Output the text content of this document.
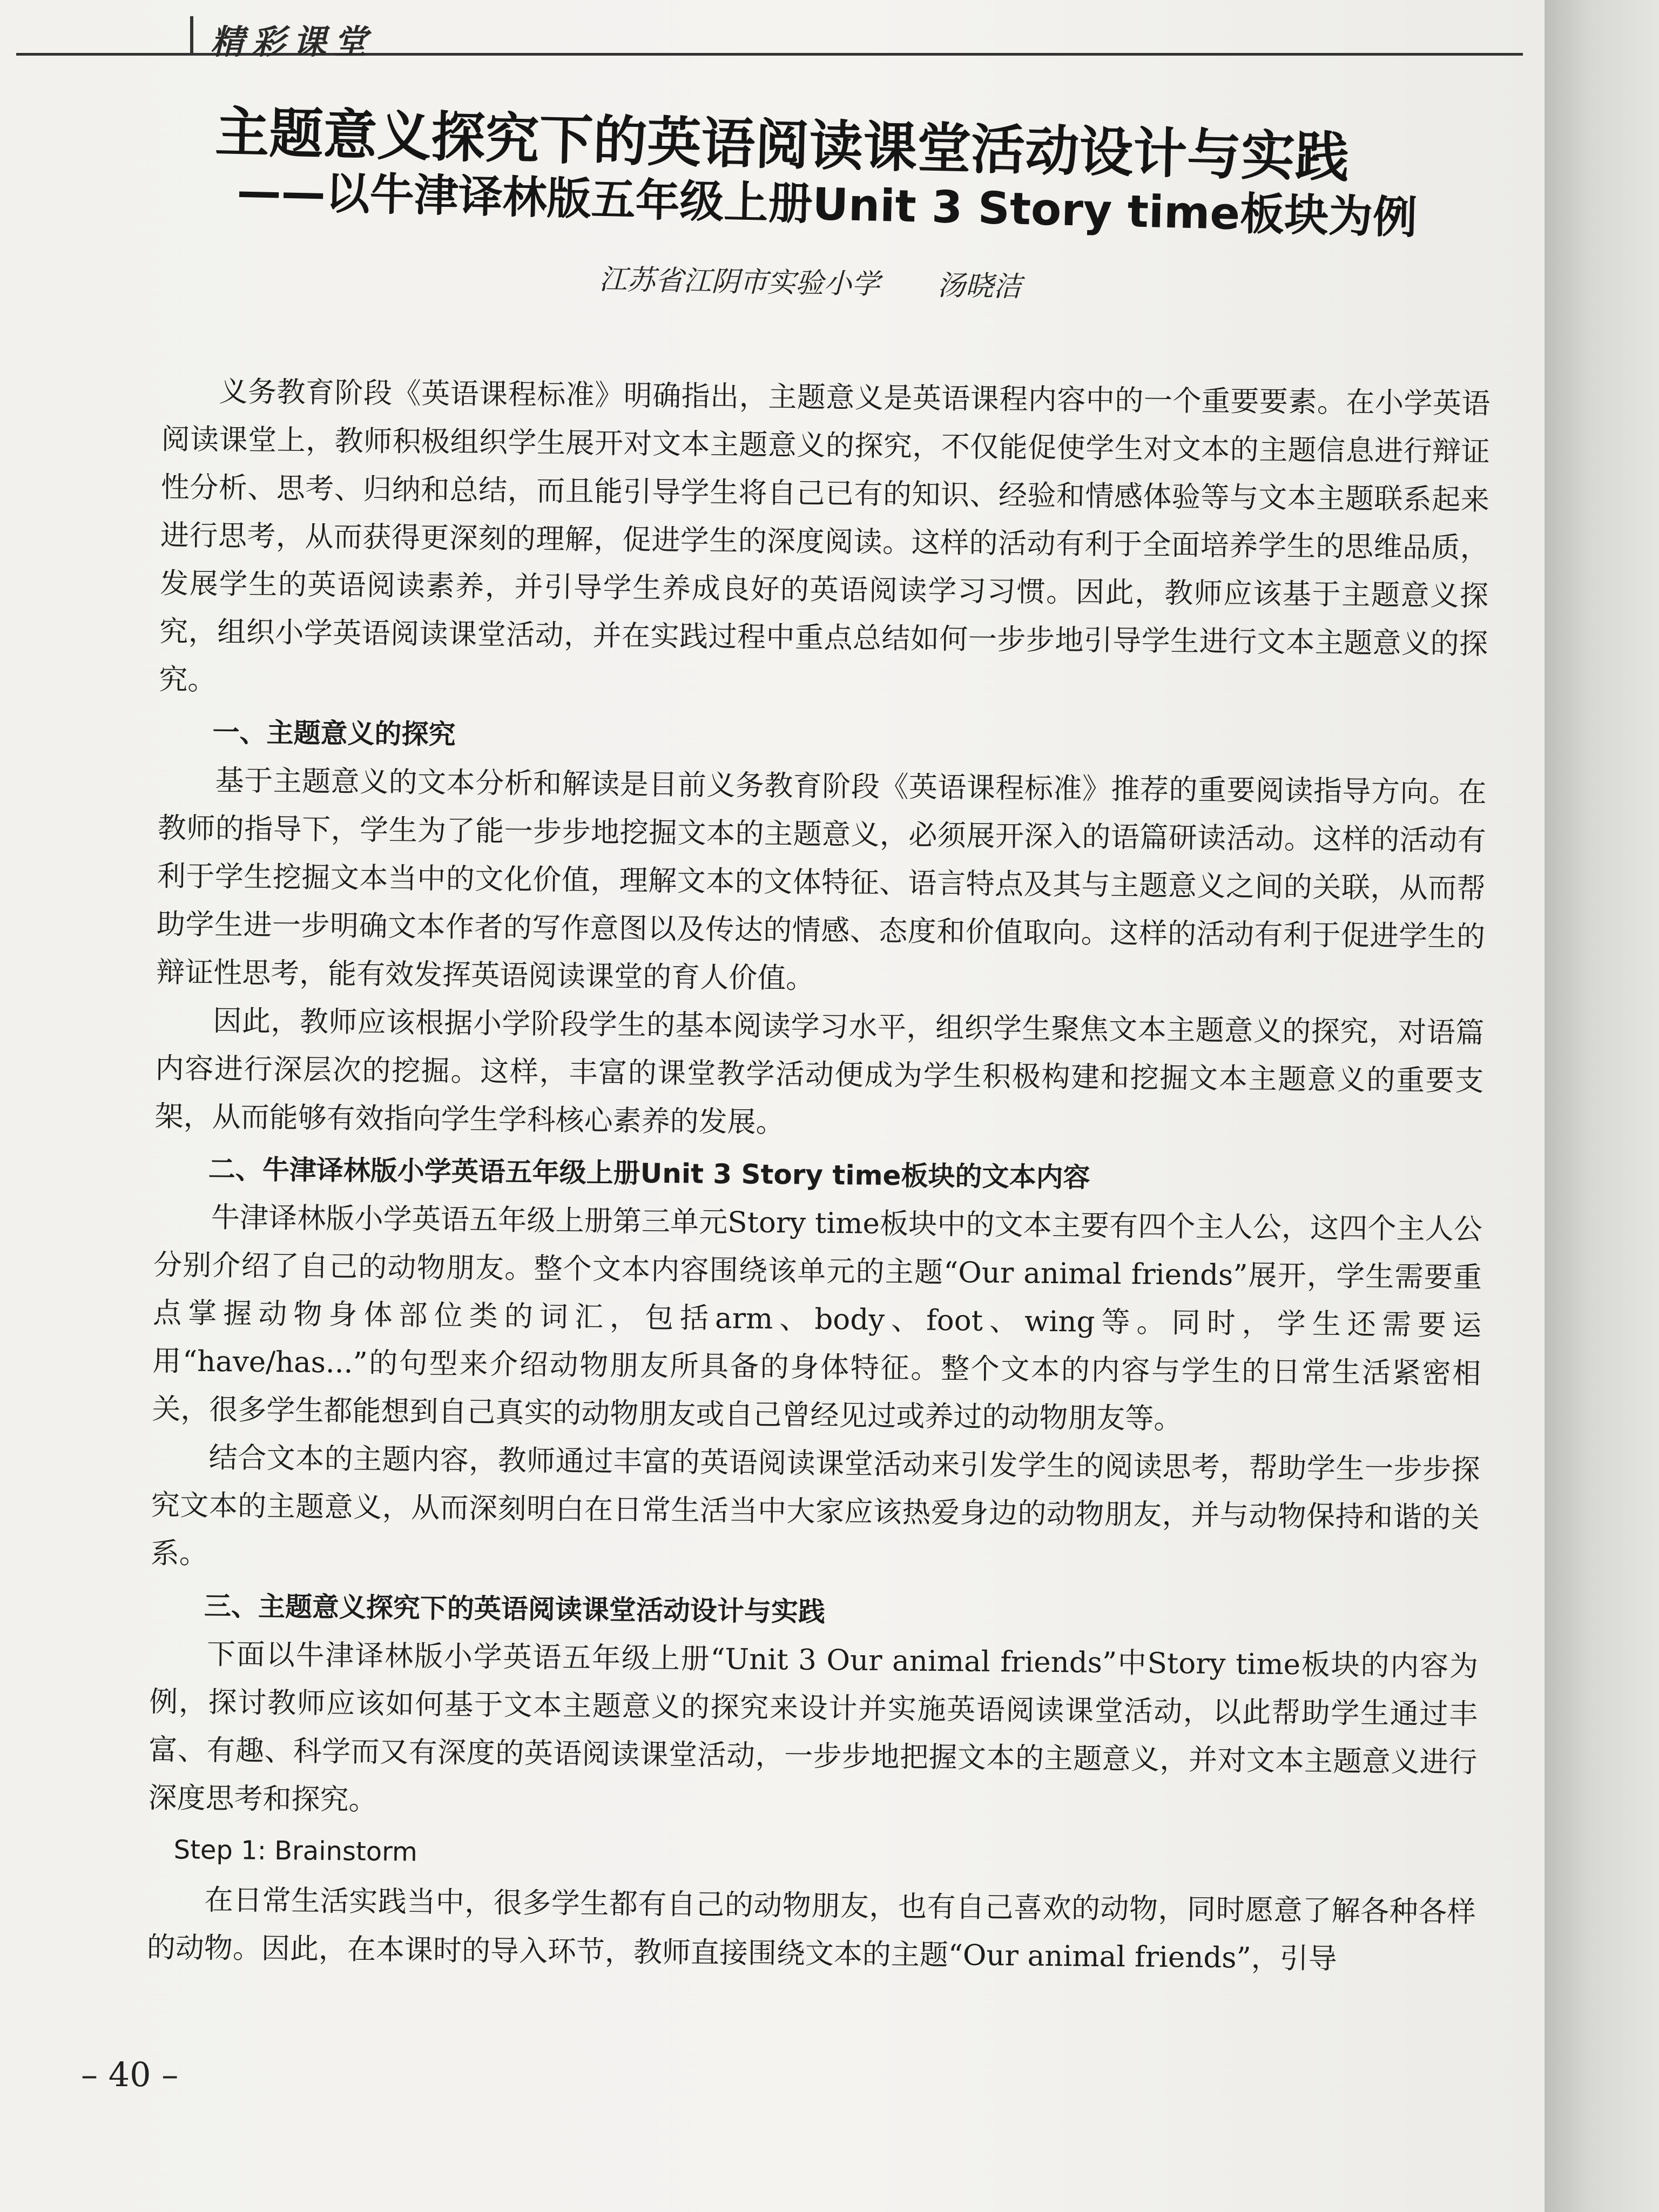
精彩课堂
主题意义探究下的英语阅读课堂活动设计与实践
——以牛津译林版五年级上册Unit 3 Story time板块为例
江苏省江阴市实验小学 汤晓洁

义务教育阶段《英语课程标准》明确指出，主题意义是英语课程内容中的一个重要要素。在小学英语阅读课堂上，教师积极组织学生展开对文本主题意义的探究，不仅能促使学生对文本的主题信息进行辩证性分析、思考、归纳和总结，而且能引导学生将自己已有的知识、经验和情感体验等与文本主题联系起来进行思考，从而获得更深刻的理解，促进学生的深度阅读。这样的活动有利于全面培养学生的思维品质，发展学生的英语阅读素养，并引导学生养成良好的英语阅读学习习惯。因此，教师应该基于主题意义探究，组织小学英语阅读课堂活动，并在实践过程中重点总结如何一步步地引导学生进行文本主题意义的探究。

一、主题意义的探究

基于主题意义的文本分析和解读是目前义务教育阶段《英语课程标准》推荐的重要阅读指导方向。在教师的指导下，学生为了能一步步地挖掘文本的主题意义，必须展开深入的语篇研读活动。这样的活动有利于学生挖掘文本当中的文化价值，理解文本的文体特征、语言特点及其与主题意义之间的关联，从而帮助学生进一步明确文本作者的写作意图以及传达的情感、态度和价值取向。这样的活动有利于促进学生的辩证性思考，能有效发挥英语阅读课堂的育人价值。

因此，教师应该根据小学阶段学生的基本阅读学习水平，组织学生聚焦文本主题意义的探究，对语篇内容进行深层次的挖掘。这样，丰富的课堂教学活动便成为学生积极构建和挖掘文本主题意义的重要支架，从而能够有效指向学生学科核心素养的发展。

二、牛津译林版小学英语五年级上册Unit 3 Story time板块的文本内容

牛津译林版小学英语五年级上册第三单元Story time板块中的文本主要有四个主人公，这四个主人公分别介绍了自己的动物朋友。整个文本内容围绕该单元的主题“Our animal friends”展开，学生需要重点掌握动物身体部位类的词汇，包括arm、body、foot、wing等。同时，学生还需要运用“have/has...”的句型来介绍动物朋友所具备的身体特征。整个文本的内容与学生的日常生活紧密相关，很多学生都能想到自己真实的动物朋友或自己曾经见过或养过的动物朋友等。

结合文本的主题内容，教师通过丰富的英语阅读课堂活动来引发学生的阅读思考，帮助学生一步步探究文本的主题意义，从而深刻明白在日常生活当中大家应该热爱身边的动物朋友，并与动物保持和谐的关系。

三、主题意义探究下的英语阅读课堂活动设计与实践

下面以牛津译林版小学英语五年级上册“Unit 3 Our animal friends”中Story time板块的内容为例，探讨教师应该如何基于文本主题意义的探究来设计并实施英语阅读课堂活动，以此帮助学生通过丰富、有趣、科学而又有深度的英语阅读课堂活动，一步步地把握文本的主题意义，并对文本主题意义进行深度思考和探究。

Step 1: Brainstorm

在日常生活实践当中，很多学生都有自己的动物朋友，也有自己喜欢的动物，同时愿意了解各种各样的动物。因此，在本课时的导入环节，教师直接围绕文本的主题“Our animal friends”，引导

– 40 –
